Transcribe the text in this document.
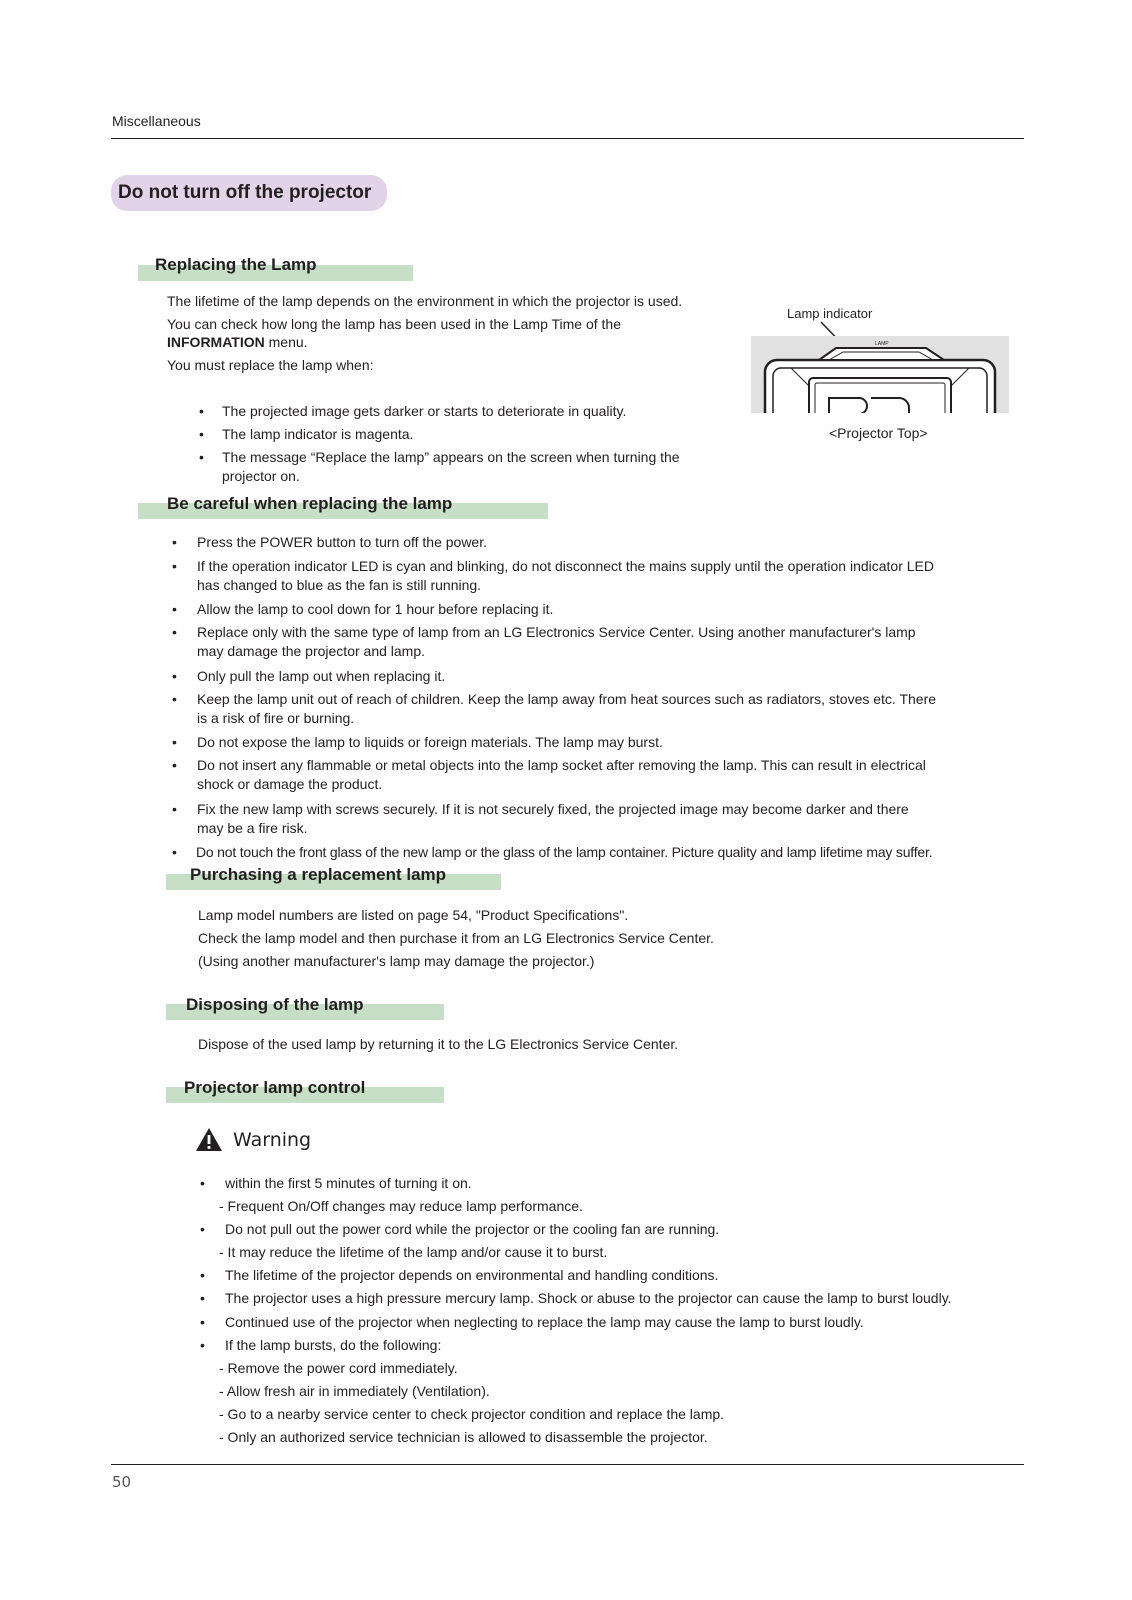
Miscellaneous
Do not turn off the projector
Replacing the Lamp
The lifetime of the lamp depends on the environment in which the projector is used.
You can check how long the lamp has been used in the Lamp Time of the
INFORMATION menu.
You must replace the lamp when:
• The projected image gets darker or starts to deteriorate in quality.
• The lamp indicator is magenta.
• The message “Replace the lamp” appears on the screen when turning the
projector on.
Lamp indicator
LAMP
<Projector Top>
Be careful when replacing the lamp
• Press the POWER button to turn off the power.
• If the operation indicator LED is cyan and blinking, do not disconnect the mains supply until the operation indicator LED
has changed to blue as the fan is still running.
• Allow the lamp to cool down for 1 hour before replacing it.
• Replace only with the same type of lamp from an LG Electronics Service Center. Using another manufacturer's lamp
may damage the projector and lamp.
• Only pull the lamp out when replacing it.
• Keep the lamp unit out of reach of children. Keep the lamp away from heat sources such as radiators, stoves etc. There
is a risk of fire or burning.
• Do not expose the lamp to liquids or foreign materials. The lamp may burst.
• Do not insert any flammable or metal objects into the lamp socket after removing the lamp. This can result in electrical
shock or damage the product.
• Fix the new lamp with screws securely. If it is not securely fixed, the projected image may become darker and there
may be a fire risk.
• Do not touch the front glass of the new lamp or the glass of the lamp container. Picture quality and lamp lifetime may suffer.
Purchasing a replacement lamp
Lamp model numbers are listed on page 54, "Product Specifications".
Check the lamp model and then purchase it from an LG Electronics Service Center.
(Using another manufacturer's lamp may damage the projector.)
Disposing of the lamp
Dispose of the used lamp by returning it to the LG Electronics Service Center.
Projector lamp control
Warning
• within the first 5 minutes of turning it on.
- Frequent On/Off changes may reduce lamp performance.
• Do not pull out the power cord while the projector or the cooling fan are running.
- It may reduce the lifetime of the lamp and/or cause it to burst.
• The lifetime of the projector depends on environmental and handling conditions.
• The projector uses a high pressure mercury lamp. Shock or abuse to the projector can cause the lamp to burst loudly.
• Continued use of the projector when neglecting to replace the lamp may cause the lamp to burst loudly.
• If the lamp bursts, do the following:
- Remove the power cord immediately.
- Allow fresh air in immediately (Ventilation).
- Go to a nearby service center to check projector condition and replace the lamp.
- Only an authorized service technician is allowed to disassemble the projector.
50
